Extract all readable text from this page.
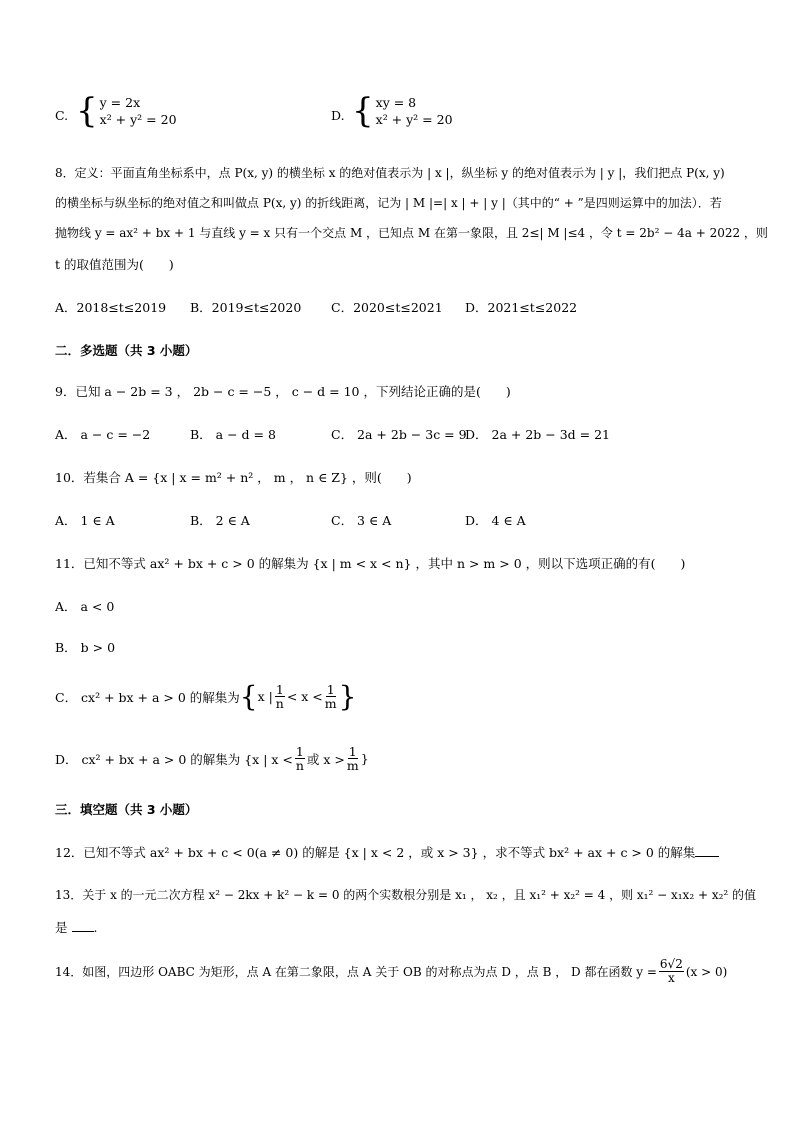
C. { y = 2x
x² + y² = 20	D. { xy = 8
x² + y² = 20
8．定义：平面直角坐标系中，点 P(x, y) 的横坐标 x 的绝对值表示为 | x |，纵坐标 y 的绝对值表示为 | y |，我们把点 P(x, y)
的横坐标与纵坐标的绝对值之和叫做点 P(x, y) 的折线距离，记为 | M |=| x | + | y |（其中的“ + ”是四则运算中的加法）．若
抛物线 y = ax² + bx + 1 与直线 y = x 只有一个交点 M ，已知点 M 在第一象限，且 2≤| M |≤4 ，令 t = 2b² − 4a + 2022 ，则
t 的取值范围为(　　)
A．2018≤t≤2019 B．2019≤t≤2020 C．2020≤t≤2021 D．2021≤t≤2022
二．多选题（共 3 小题）
9．已知 a − 2b = 3 ， 2b − c = −5 ， c − d = 10 ，下列结论正确的是(　　)
A． a − c = −2	B． a − d = 8	C． 2a + 2b − 3c = 9
D． 2a + 2b − 3d = 21
10．若集合 A = {x | x = m² + n² ， m ， n ∈ Z} ，则(　　)
A． 1 ∈ A	B． 2 ∈ A	C． 3 ∈ A	D． 4 ∈ A
11．已知不等式 ax² + bx + c > 0 的解集为 {x | m < x < n} ，其中 n > m > 0 ，则以下选项正确的有(　　)
A． a < 0
B． b > 0
C． cx² + bx + a > 0 的解集为 { x | $\frac{1}{n} < x < \frac{1}{m}$ }
D． cx² + bx + a > 0 的解集为 {x | $x < \frac{1}{n}$ 或 $x > \frac{1}{m}$ }
三．填空题（共 3 小题）
12．已知不等式 ax² + bx + c < 0(a ≠ 0) 的解是 {x | x < 2 ，或 x > 3} ，求不等式 bx² + ax + c > 0 的解集
13．关于 x 的一元二次方程 x² − 2kx + k² − k = 0 的两个实数根分别是 x₁ ， x₂ ，且 x₁² + x₂² = 4 ，则 x₁² − x₁x₂ + x₂² 的值
是 .
14．如图，四边形 OABC 为矩形，点 A 在第二象限，点 A 关于 OB 的对称点为点 D ，点 B ， D 都在函数 $y = \frac{6√2}{x} (x > 0)$
